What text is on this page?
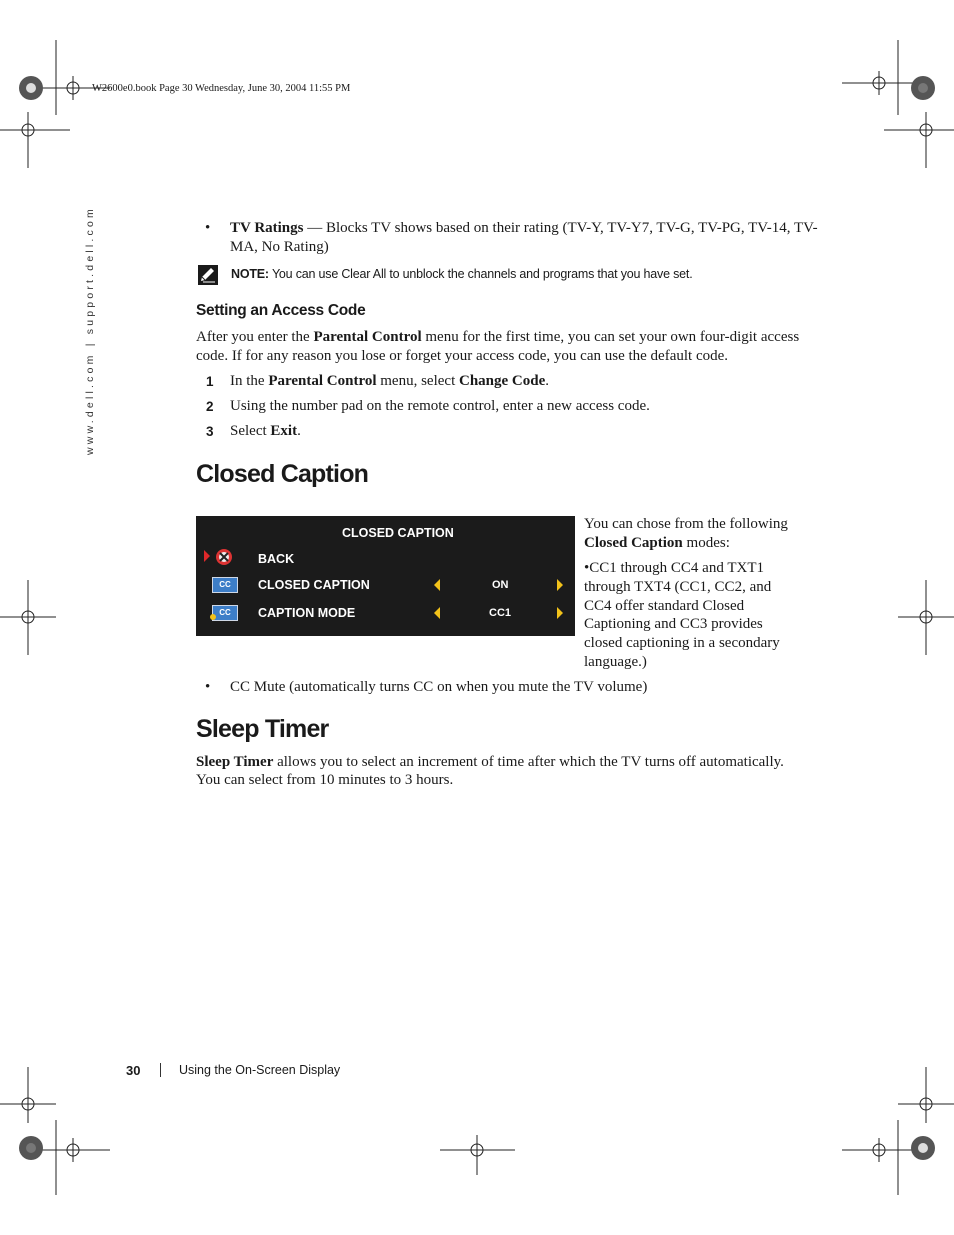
W2600e0.book Page 30 Wednesday, June 30, 2004 11:55 PM
www.dell.com | support.dell.com	• TV Ratings — Blocks TV shows based on their rating (TV-Y, TV-Y7, TV-G, TV-PG, TV-14, TV-
MA, No Rating)
NOTE: You can use Clear All to unblock the channels and programs that you have set.
Setting an Access Code
After you enter the Parental Control menu for the first time, you can set your own four-digit access
code. If for any reason you lose or forget your access code, you can use the default code.
1 In the Parental Control menu, select Change Code.
2 Using the number pad on the remote control, enter a new access code.
3 Select Exit.
Closed Caption
CLOSED CAPTION
BACK
CC	CLOSED CAPTION	ON
CC	CAPTION MODE	CC1
You can chose from the following
Closed Caption modes:
•CC1 through CC4 and TXT1
through TXT4 (CC1, CC2, and
CC4 offer standard Closed
Captioning and CC3 provides
closed captioning in a secondary
language.)
• CC Mute (automatically turns CC on when you mute the TV volume)
Sleep Timer
Sleep Timer allows you to select an increment of time after which the TV turns off automatically.
You can select from 10 minutes to 3 hours.
30	Using the On-Screen Display
